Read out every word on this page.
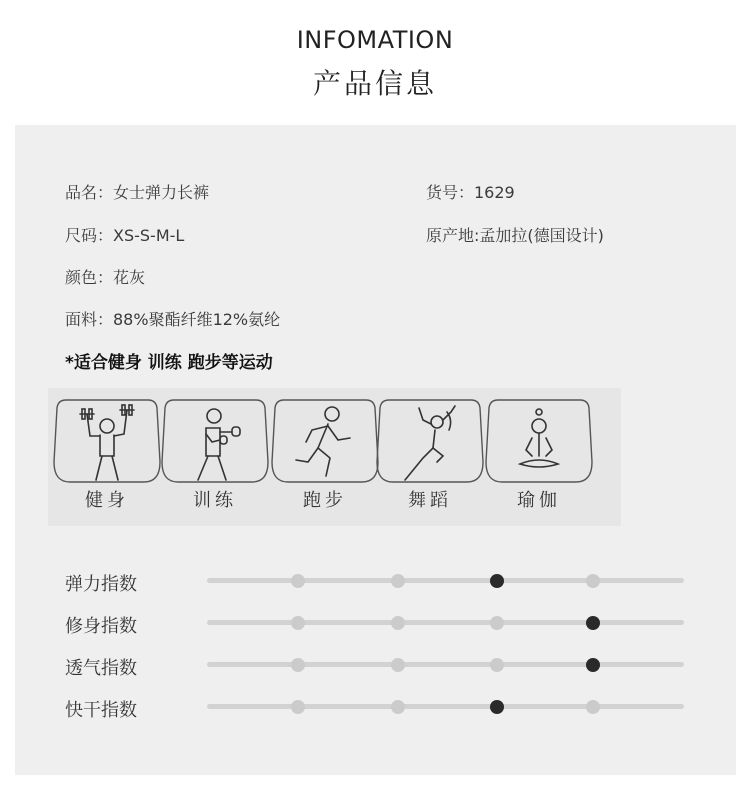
INFOMATION
产品信息
品名：女士弹力长裤	货号：1629
尺码：XS-S-M-L	原产地:孟加拉(德国设计)
颜色：花灰
面料：88%聚酯纤维12%氨纶
*适合健身 训练 跑步等运动
健身	训练	跑步	舞蹈	瑜伽
弹力指数
修身指数
透气指数
快干指数
